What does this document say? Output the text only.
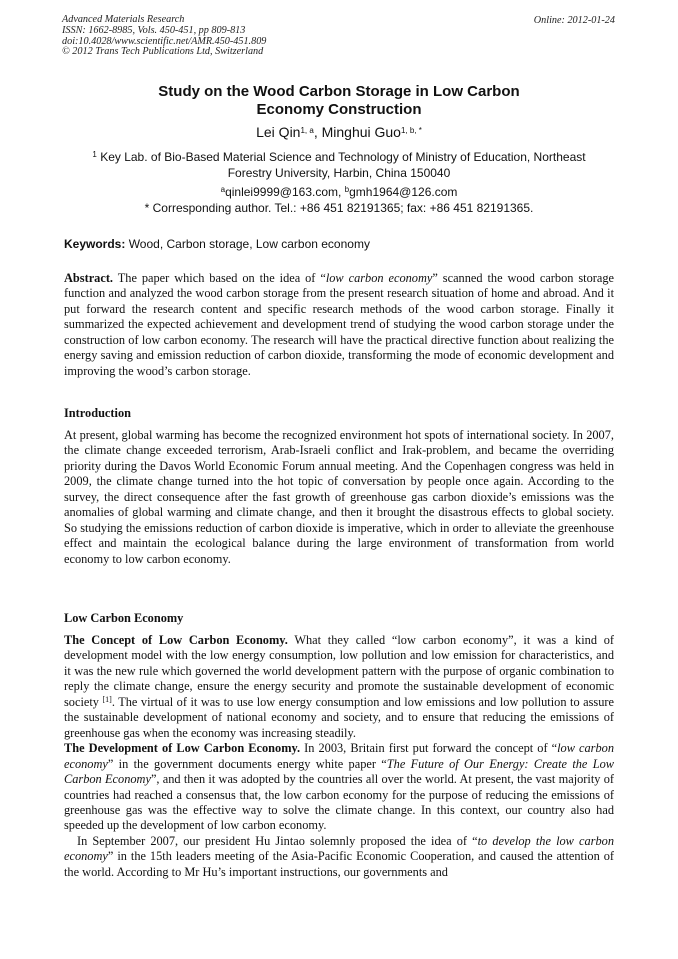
Advanced Materials Research
ISSN: 1662-8985, Vols. 450-451, pp 809-813
doi:10.4028/www.scientific.net/AMR.450-451.809
© 2012 Trans Tech Publications Ltd, Switzerland
Online: 2012-01-24
Study on the Wood Carbon Storage in Low Carbon
Economy Construction
Lei Qin$^{1, a}$, Minghui Guo$^{1, b, *}$
$^1$ Key Lab. of Bio-Based Material Science and Technology of Ministry of Education, Northeast
Forestry University, Harbin, China 150040
$^a$qinlei9999@163.com, $^b$gmh1964@126.com
* Corresponding author. Tel.: +86 451 82191365; fax: +86 451 82191365.
Keywords: Wood, Carbon storage, Low carbon economy

Abstract. The paper which based on the idea of “low carbon economy” scanned the wood carbon storage function and analyzed the wood carbon storage from the present research situation of home and abroad. And it put forward the research content and specific research methods of the wood carbon storage. Finally it summarized the expected achievement and development trend of studying the wood carbon storage under the construction of low carbon economy. The research will have the practical directive function about realizing the energy saving and emission reduction of carbon dioxide, transforming the mode of economic development and improving the wood’s carbon storage.

Introduction

At present, global warming has become the recognized environment hot spots of international society. In 2007, the climate change exceeded terrorism, Arab-Israeli conflict and Irak-problem, and became the overriding priority during the Davos World Economic Forum annual meeting. And the Copenhagen congress was held in 2009, the climate change turned into the hot topic of conversation by people once again. According to the survey, the direct consequence after the fast growth of greenhouse gas carbon dioxide’s emissions was the anomalies of global warming and climate change, and then it brought the disastrous effects to global society. So studying the emissions reduction of carbon dioxide is imperative, which in order to alleviate the greenhouse effect and maintain the ecological balance during the large environment of transformation from world economy to low carbon economy.

Low Carbon Economy

The Concept of Low Carbon Economy. What they called “low carbon economy”, it was a kind of development model with the low energy consumption, low pollution and low emission for characteristics, and it was the new rule which governed the world development pattern with the purpose of organic combination to reply the climate change, ensure the energy security and promote the sustainable development of economic society [1]. The virtual of it was to use low energy consumption and low emissions and low pollution to assure the sustainable development of national economy and society, and to ensure that reducing the emissions of greenhouse gas when the economy was increasing steadily.

The Development of Low Carbon Economy. In 2003, Britain first put forward the concept of “low carbon economy” in the government documents energy white paper “The Future of Our Energy: Create the Low Carbon Economy”, and then it was adopted by the countries all over the world. At present, the vast majority of countries had reached a consensus that, the low carbon economy for the purpose of reducing the emissions of greenhouse gas was the effective way to solve the climate change. In this context, our country also had speeded up the development of low carbon economy.

In September 2007, our president Hu Jintao solemnly proposed the idea of “to develop the low carbon economy” in the 15th leaders meeting of the Asia-Pacific Economic Cooperation, and caused the attention of the world. According to Mr Hu’s important instructions, our governments and
